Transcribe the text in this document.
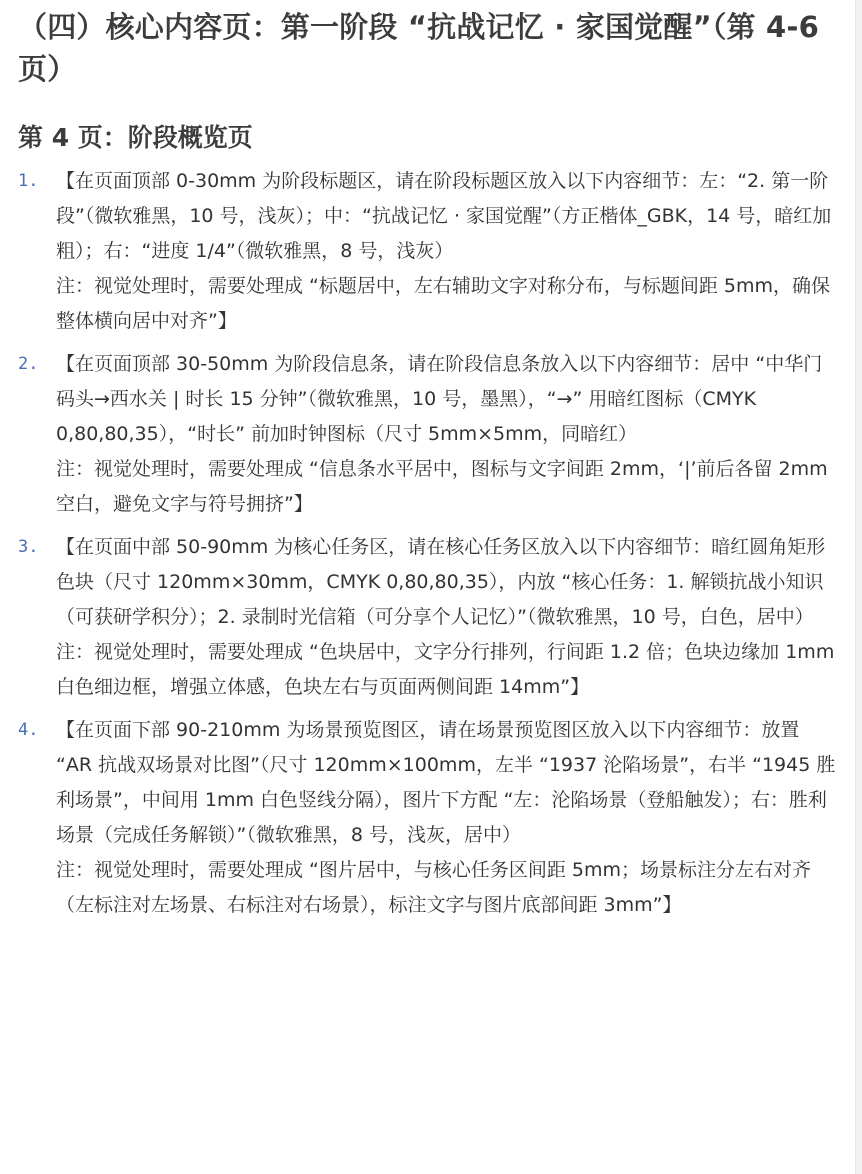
（四）核心内容页：第一阶段 “抗战记忆 · 家国觉醒”（第 4-6 页）
第 4 页：阶段概览页
1. 【在页面顶部 0-30mm 为阶段标题区，请在阶段标题区放入以下内容细节：左：“2. 第一阶段”（微软雅黑，10 号，浅灰）；中：“抗战记忆 · 家国觉醒”（方正楷体_GBK，14 号，暗红加粗）；右：“进度 1/4”（微软雅黑，8 号，浅灰）
注：视觉处理时，需要处理成 “标题居中，左右辅助文字对称分布，与标题间距 5mm，确保整体横向居中对齐”】
2. 【在页面顶部 30-50mm 为阶段信息条，请在阶段信息条放入以下内容细节：居中 “中华门码头→西水关 | 时长 15 分钟”（微软雅黑，10 号，墨黑），“→” 用暗红图标（CMYK 0,80,80,35），“时长” 前加时钟图标（尺寸 5mm×5mm，同暗红）
注：视觉处理时，需要处理成 “信息条水平居中，图标与文字间距 2mm，‘|’前后各留 2mm 空白，避免文字与符号拥挤”】
3. 【在页面中部 50-90mm 为核心任务区，请在核心任务区放入以下内容细节：暗红圆角矩形色块（尺寸 120mm×30mm，CMYK 0,80,80,35），内放 “核心任务：1. 解锁抗战小知识（可获研学积分）；2. 录制时光信箱（可分享个人记忆）”（微软雅黑，10 号，白色，居中）
注：视觉处理时，需要处理成 “色块居中，文字分行排列，行间距 1.2 倍；色块边缘加 1mm 白色细边框，增强立体感，色块左右与页面两侧间距 14mm”】
4. 【在页面下部 90-210mm 为场景预览图区，请在场景预览图区放入以下内容细节：放置 “AR 抗战双场景对比图”（尺寸 120mm×100mm，左半 “1937 沦陷场景”，右半 “1945 胜利场景”，中间用 1mm 白色竖线分隔），图片下方配 “左：沦陷场景（登船触发）；右：胜利场景（完成任务解锁）”（微软雅黑，8 号，浅灰，居中）
注：视觉处理时，需要处理成 “图片居中，与核心任务区间距 5mm；场景标注分左右对齐（左标注对左场景、右标注对右场景），标注文字与图片底部间距 3mm”】
